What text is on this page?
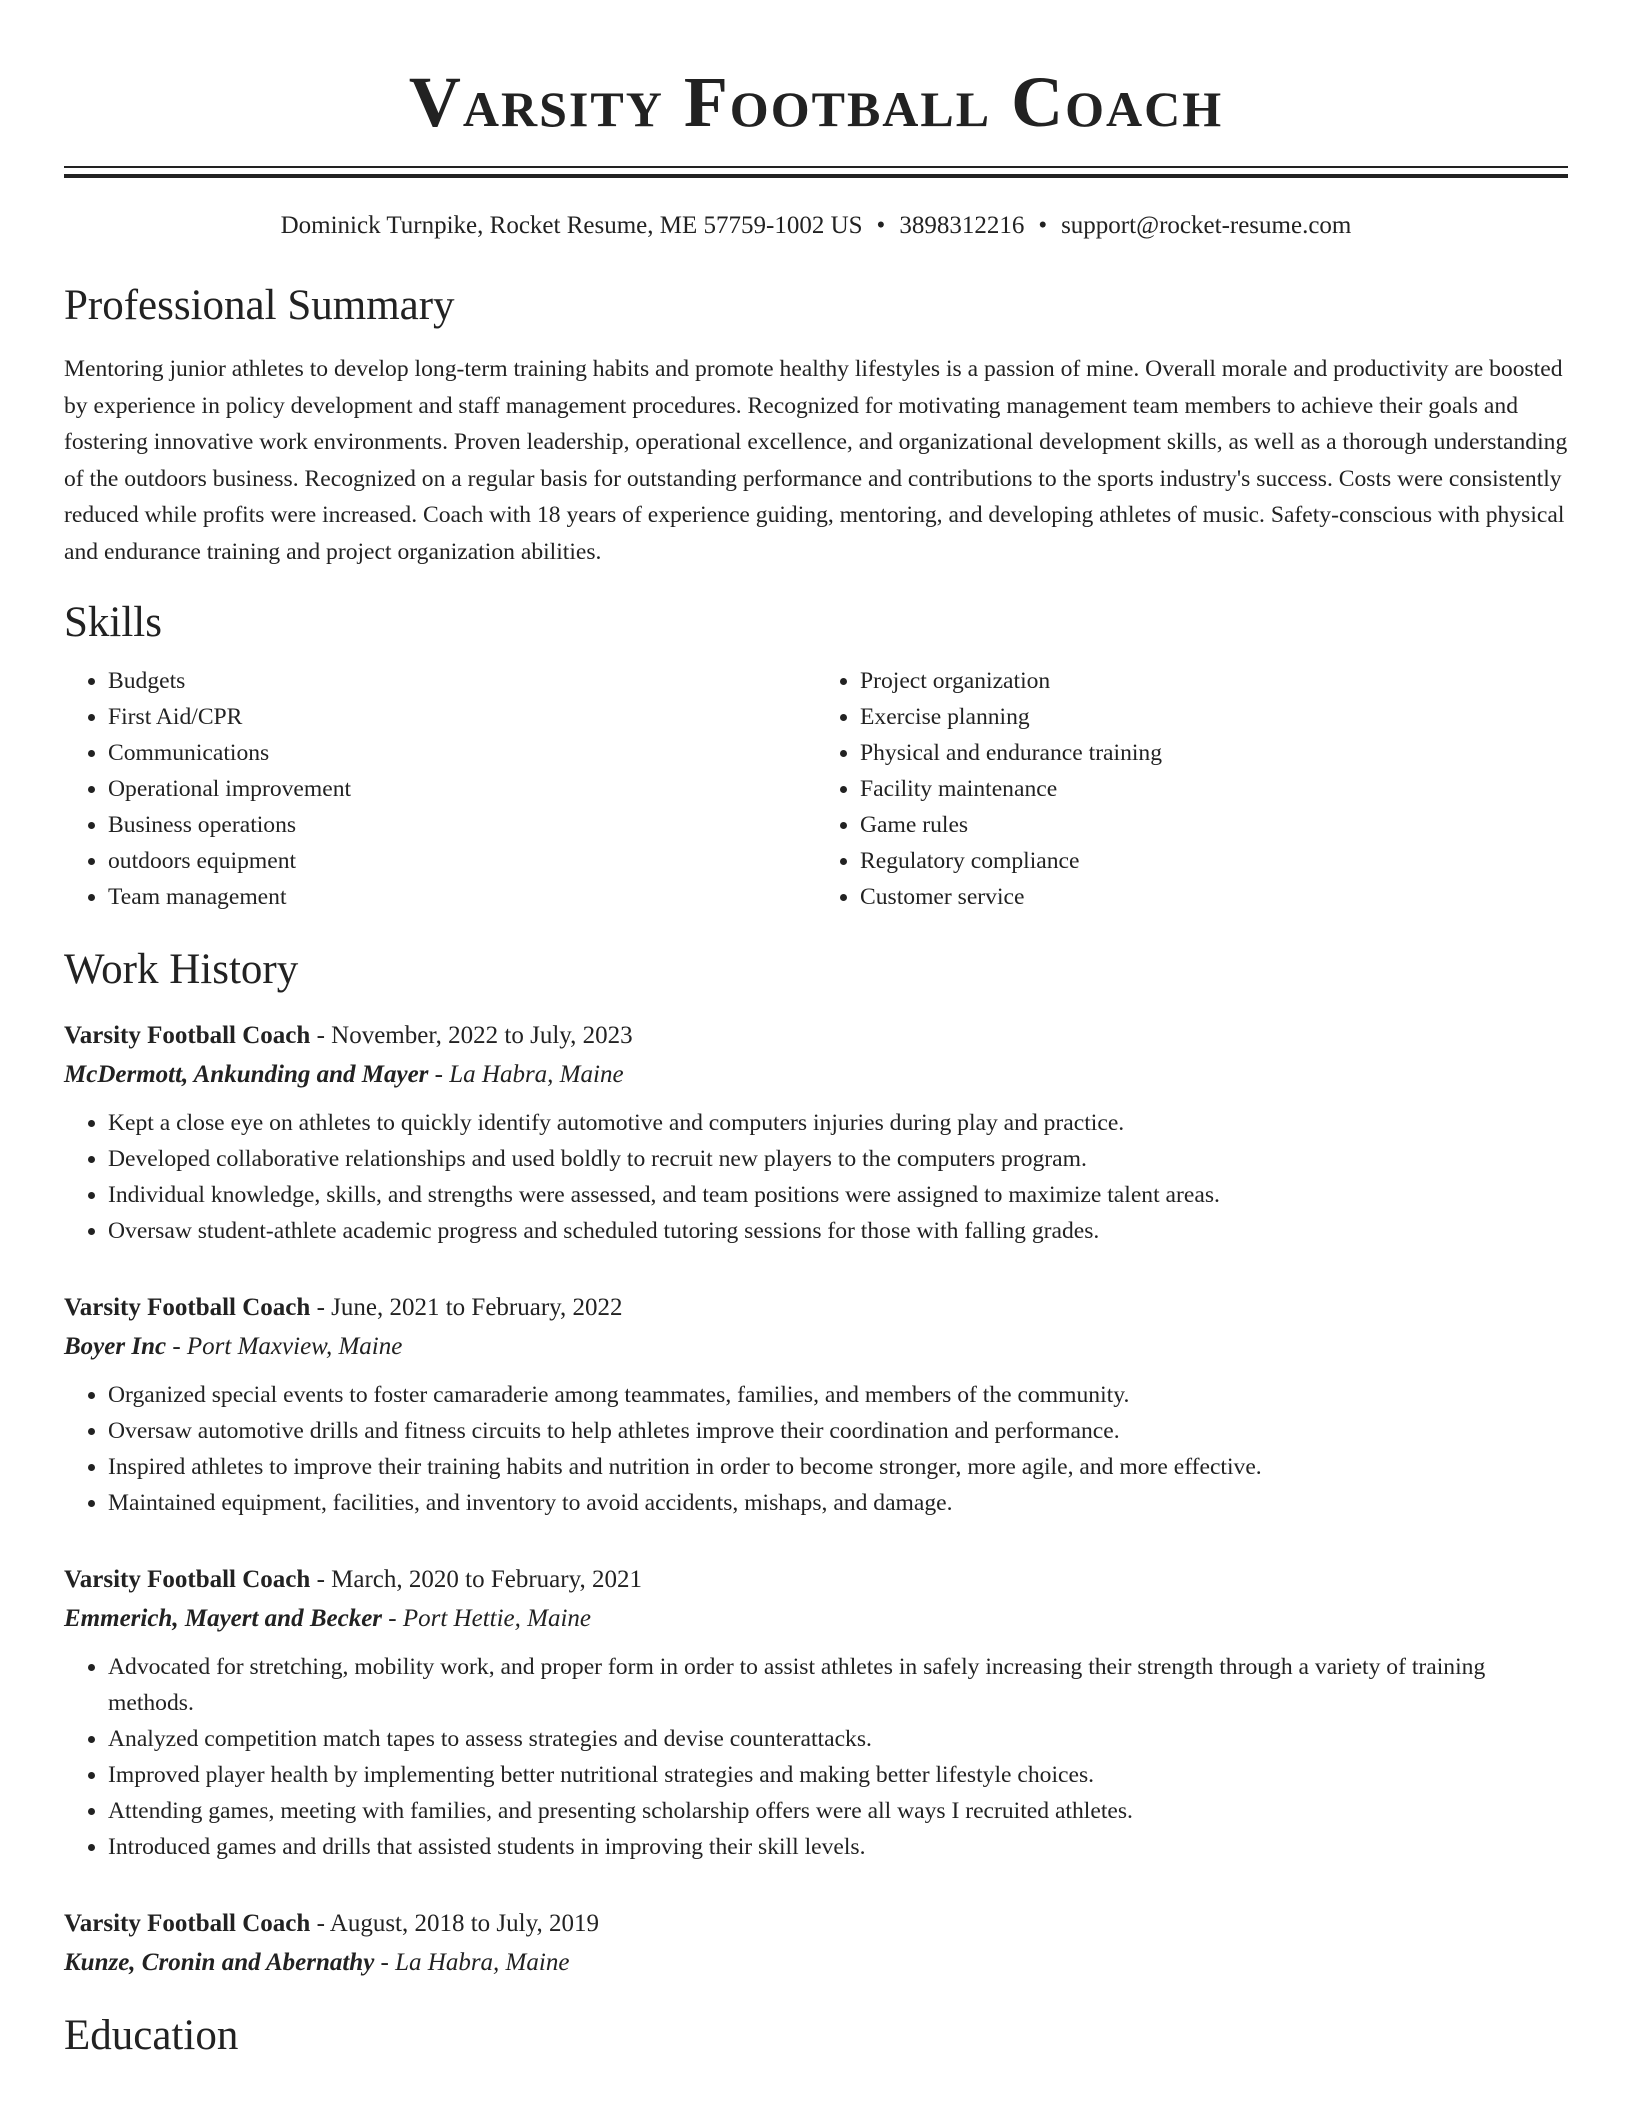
Varsity Football Coach
Dominick Turnpike, Rocket Resume, ME 57759-1002 US • 3898312216 • support@rocket-resume.com
Professional Summary

Mentoring junior athletes to develop long-term training habits and promote healthy lifestyles is a passion of mine. Overall morale and productivity are boosted by experience in policy development and staff management procedures. Recognized for motivating management team members to achieve their goals and fostering innovative work environments. Proven leadership, operational excellence, and organizational development skills, as well as a thorough understanding of the outdoors business. Recognized on a regular basis for outstanding performance and contributions to the sports industry's success. Costs were consistently reduced while profits were increased. Coach with 18 years of experience guiding, mentoring, and developing athletes of music. Safety-conscious with physical and endurance training and project organization abilities.

Skills
• Budgets
• First Aid/CPR
• Communications
• Operational improvement
• Business operations
• outdoors equipment
• Team management
• Project organization
• Exercise planning
• Physical and endurance training
• Facility maintenance
• Game rules
• Regulatory compliance
• Customer service
Work History
Varsity Football Coach - November, 2022 to July, 2023
McDermott, Ankunding and Mayer - La Habra, Maine
• Kept a close eye on athletes to quickly identify automotive and computers injuries during play and practice.
• Developed collaborative relationships and used boldly to recruit new players to the computers program.
• Individual knowledge, skills, and strengths were assessed, and team positions were assigned to maximize talent areas.
• Oversaw student-athlete academic progress and scheduled tutoring sessions for those with falling grades.
Varsity Football Coach - June, 2021 to February, 2022
Boyer Inc - Port Maxview, Maine
• Organized special events to foster camaraderie among teammates, families, and members of the community.
• Oversaw automotive drills and fitness circuits to help athletes improve their coordination and performance.
• Inspired athletes to improve their training habits and nutrition in order to become stronger, more agile, and more effective.
• Maintained equipment, facilities, and inventory to avoid accidents, mishaps, and damage.
Varsity Football Coach - March, 2020 to February, 2021
Emmerich, Mayert and Becker - Port Hettie, Maine
• Advocated for stretching, mobility work, and proper form in order to assist athletes in safely increasing their strength through a variety of training methods.
• Analyzed competition match tapes to assess strategies and devise counterattacks.
• Improved player health by implementing better nutritional strategies and making better lifestyle choices.
• Attending games, meeting with families, and presenting scholarship offers were all ways I recruited athletes.
• Introduced games and drills that assisted students in improving their skill levels.
Varsity Football Coach - August, 2018 to July, 2019
Kunze, Cronin and Abernathy - La Habra, Maine
Education
